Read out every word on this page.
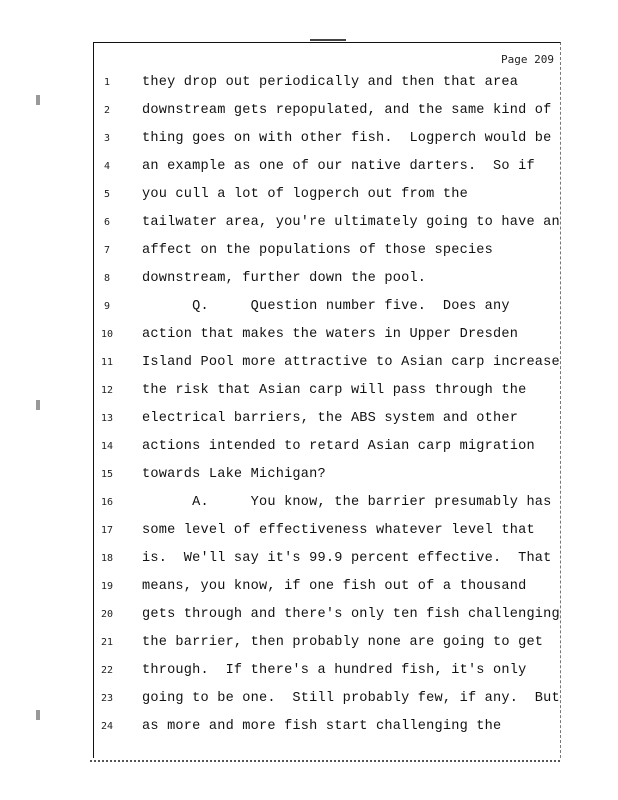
Page 209
1	they drop out periodically and then that area
2	downstream gets repopulated, and the same kind of
3	thing goes on with other fish.  Logperch would be
4	an example as one of our native darters.  So if
5	you cull a lot of logperch out from the
6	tailwater area, you're ultimately going to have an
7	affect on the populations of those species
8	downstream, further down the pool.
9	Q.     Question number five.  Does any
10 action that makes the waters in Upper Dresden
11 Island Pool more attractive to Asian carp increase
12 the risk that Asian carp will pass through the
13 electrical barriers, the ABS system and other
14 actions intended to retard Asian carp migration
15 towards Lake Michigan?
16 A.     You know, the barrier presumably has
17 some level of effectiveness whatever level that
18 is.  We'll say it's 99.9 percent effective.  That
19 means, you know, if one fish out of a thousand
20 gets through and there's only ten fish challenging
21 the barrier, then probably none are going to get
22 through.  If there's a hundred fish, it's only
23 going to be one.  Still probably few, if any.  But
24 as more and more fish start challenging the
